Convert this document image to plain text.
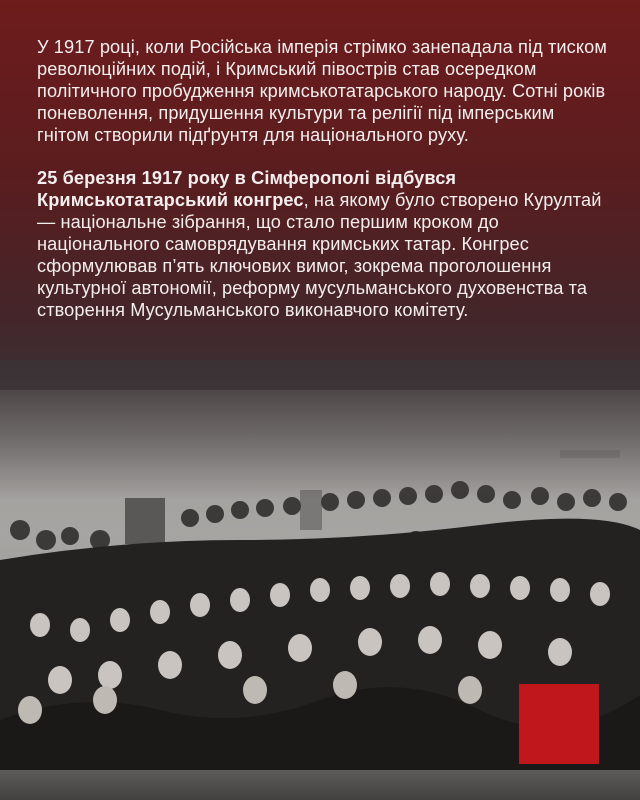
У 1917 році, коли Російська імперія стрімко занепадала під тиском революційних подій, і Кримський півострів став осередком політичного пробудження кримськотатарського народу. Сотні років поневолення, придушення культури та релігії під імперським гнітом створили підґрунтя для національного руху.

25 березня 1917 року в Сімферополі відбувся Кримськотатарський конгрес, на якому було створено Курултай — національне зібрання, що стало першим кроком до національного самоврядування кримських татар. Конгрес сформулював п’ять ключових вимог, зокрема проголошення культурної автономії, реформу мусульманського духовенства та створення Мусульманського виконавчого комітету.
